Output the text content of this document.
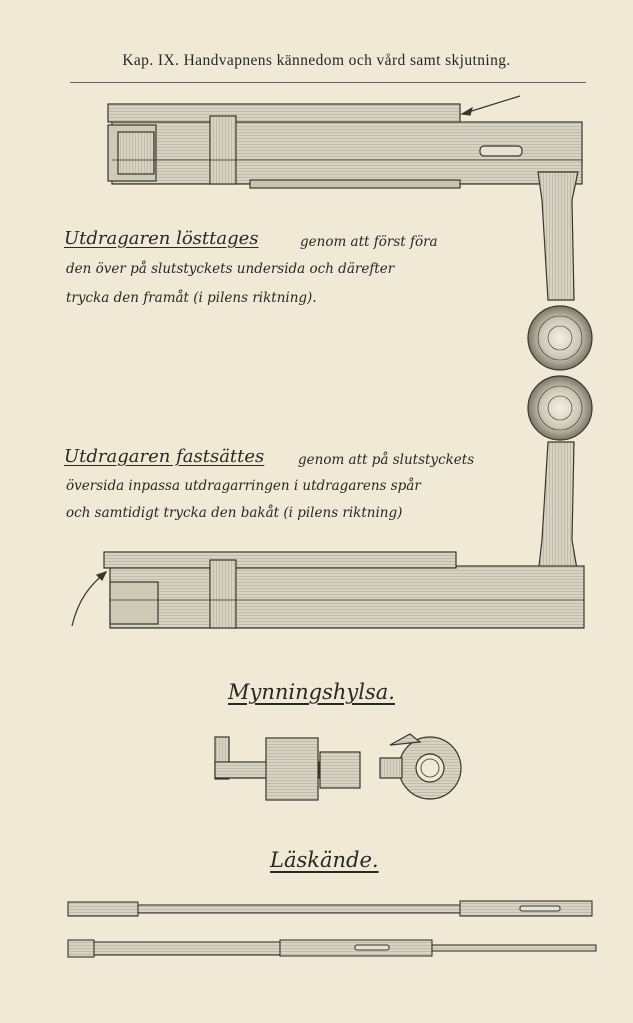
Kap. IX. Handvapnens kännedom och vård samt skjutning.
Utdragaren lösttages	genom att först föra
den över på slutstyckets undersida och därefter
trycka den framåt (i pilens riktning).
Utdragaren fastsättes genom att på slutstyckets
översida inpassa utdragarringen i utdragarens spår
och samtidigt trycka den bakåt (i pilens riktning)
Mynningshylsa.
Läskände.
